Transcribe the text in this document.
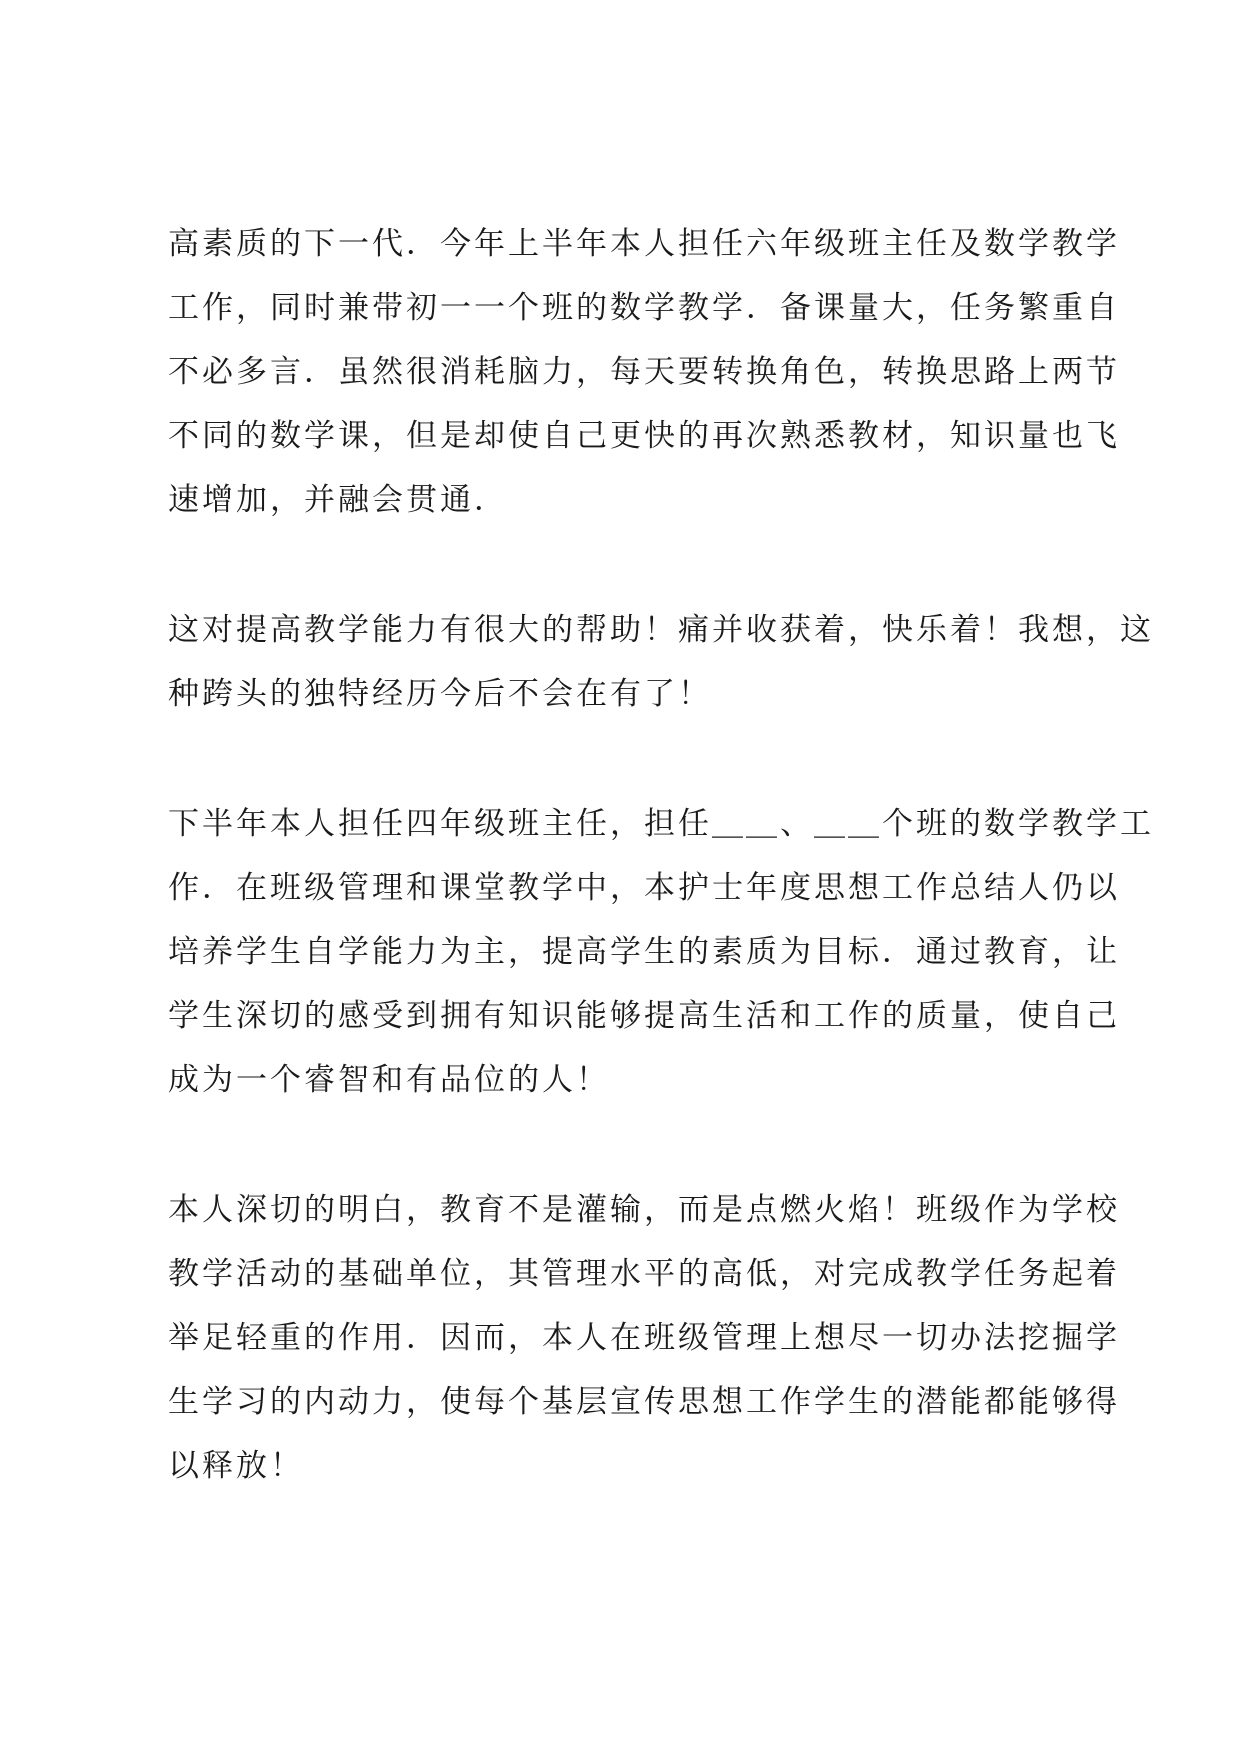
高素质的下一代．今年上半年本人担任六年级班主任及数学教学
工作，同时兼带初一一个班的数学教学．备课量大，任务繁重自
不必多言．虽然很消耗脑力，每天要转换角色，转换思路上两节
不同的数学课，但是却使自己更快的再次熟悉教材，知识量也飞
速增加，并融会贯通．
这对提高教学能力有很大的帮助！痛并收获着，快乐着！我想，这
种跨头的独特经历今后不会在有了！
下半年本人担任四年级班主任，担任＿＿、＿＿个班的数学教学工
作．在班级管理和课堂教学中，本护士年度思想工作总结人仍以
培养学生自学能力为主，提高学生的素质为目标．通过教育，让
学生深切的感受到拥有知识能够提高生活和工作的质量，使自己
成为一个睿智和有品位的人！
本人深切的明白，教育不是灌输，而是点燃火焰！班级作为学校
教学活动的基础单位，其管理水平的高低，对完成教学任务起着
举足轻重的作用．因而，本人在班级管理上想尽一切办法挖掘学
生学习的内动力，使每个基层宣传思想工作学生的潜能都能够得
以释放！
